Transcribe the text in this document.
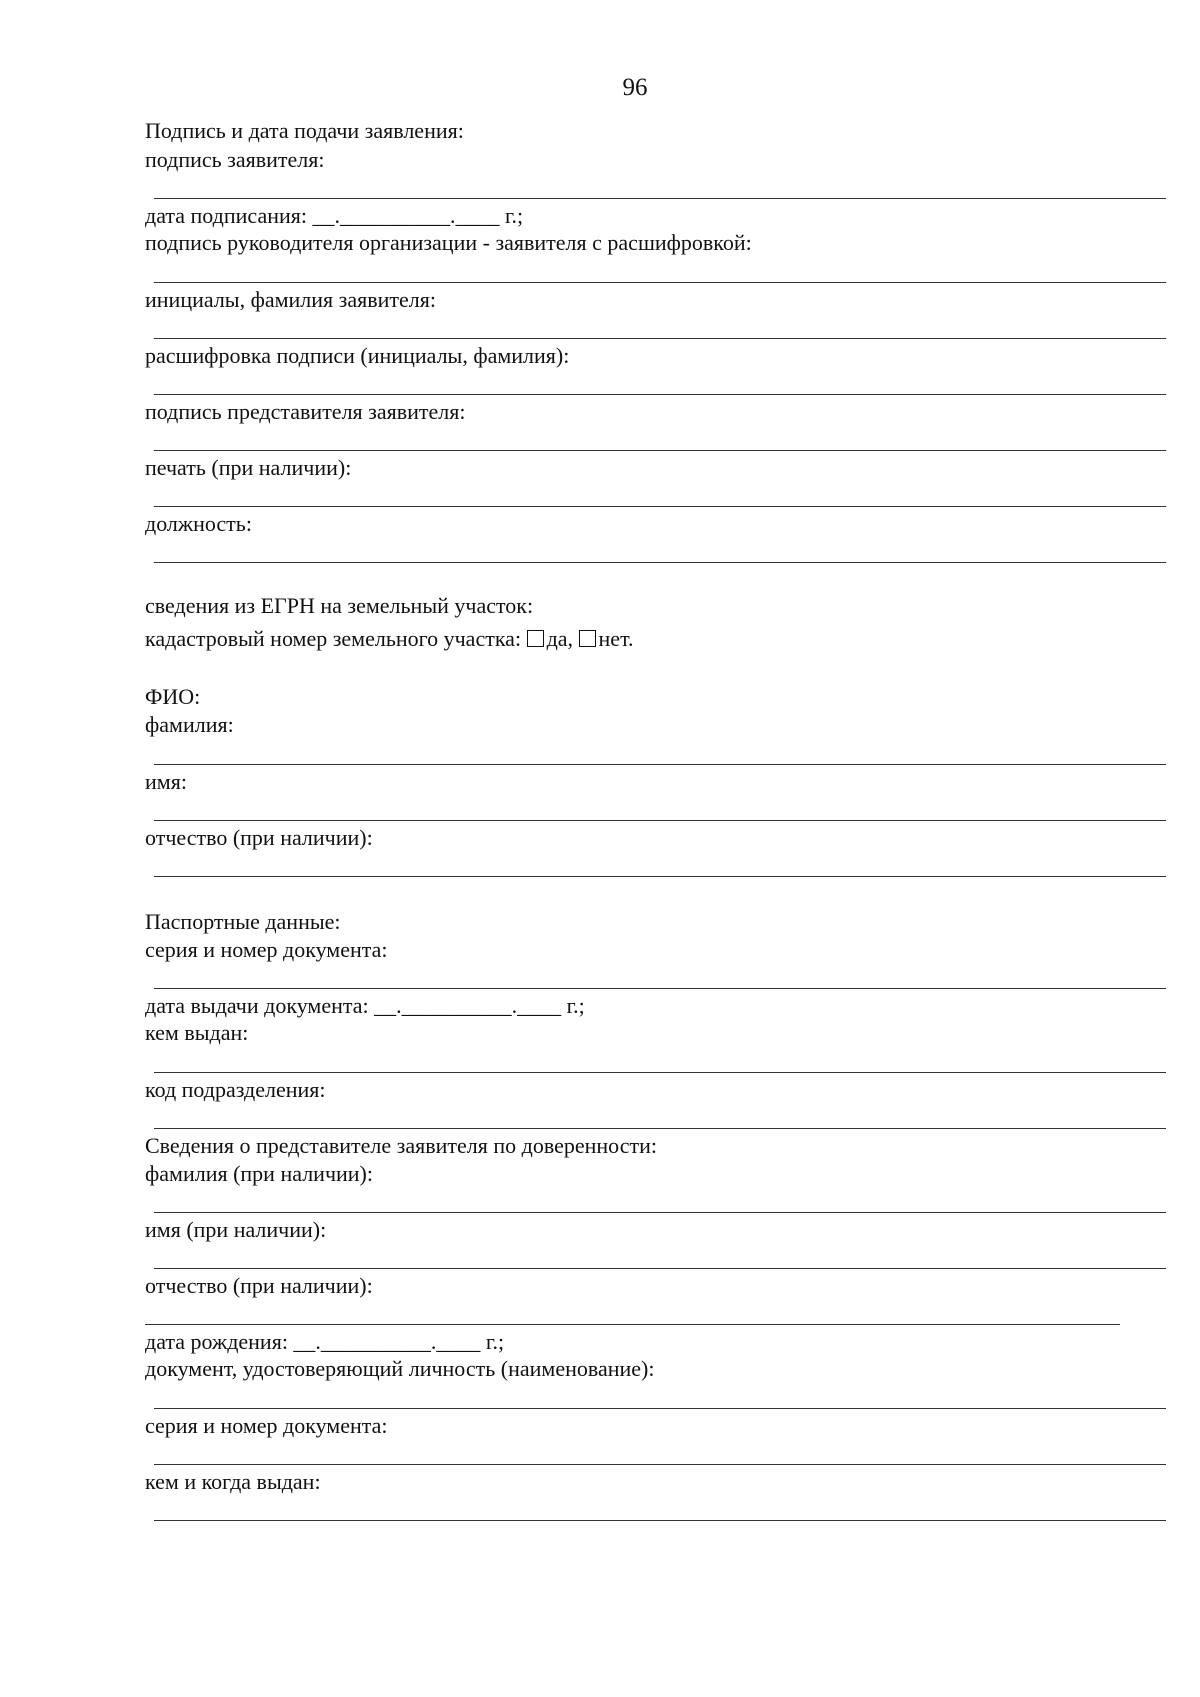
96
Подпись и дата подачи заявления:
подпись заявителя:
дата подписания: __.__________.____ г.;
подпись руководителя организации - заявителя с расшифровкой:
инициалы, фамилия заявителя:
расшифровка подписи (инициалы, фамилия):
подпись представителя заявителя:
печать (при наличии):
должность:
сведения из ЕГРН на земельный участок:
кадастровый номер земельного участка: да, нет.
ФИО:
фамилия:
имя:
отчество (при наличии):
Паспортные данные:
серия и номер документа:
дата выдачи документа: __.__________.____ г.;
кем выдан:
код подразделения:
Сведения о представителе заявителя по доверенности:
фамилия (при наличии):
имя (при наличии):
отчество (при наличии):
дата рождения: __.__________.____ г.;
документ, удостоверяющий личность (наименование):
серия и номер документа:
кем и когда выдан:
